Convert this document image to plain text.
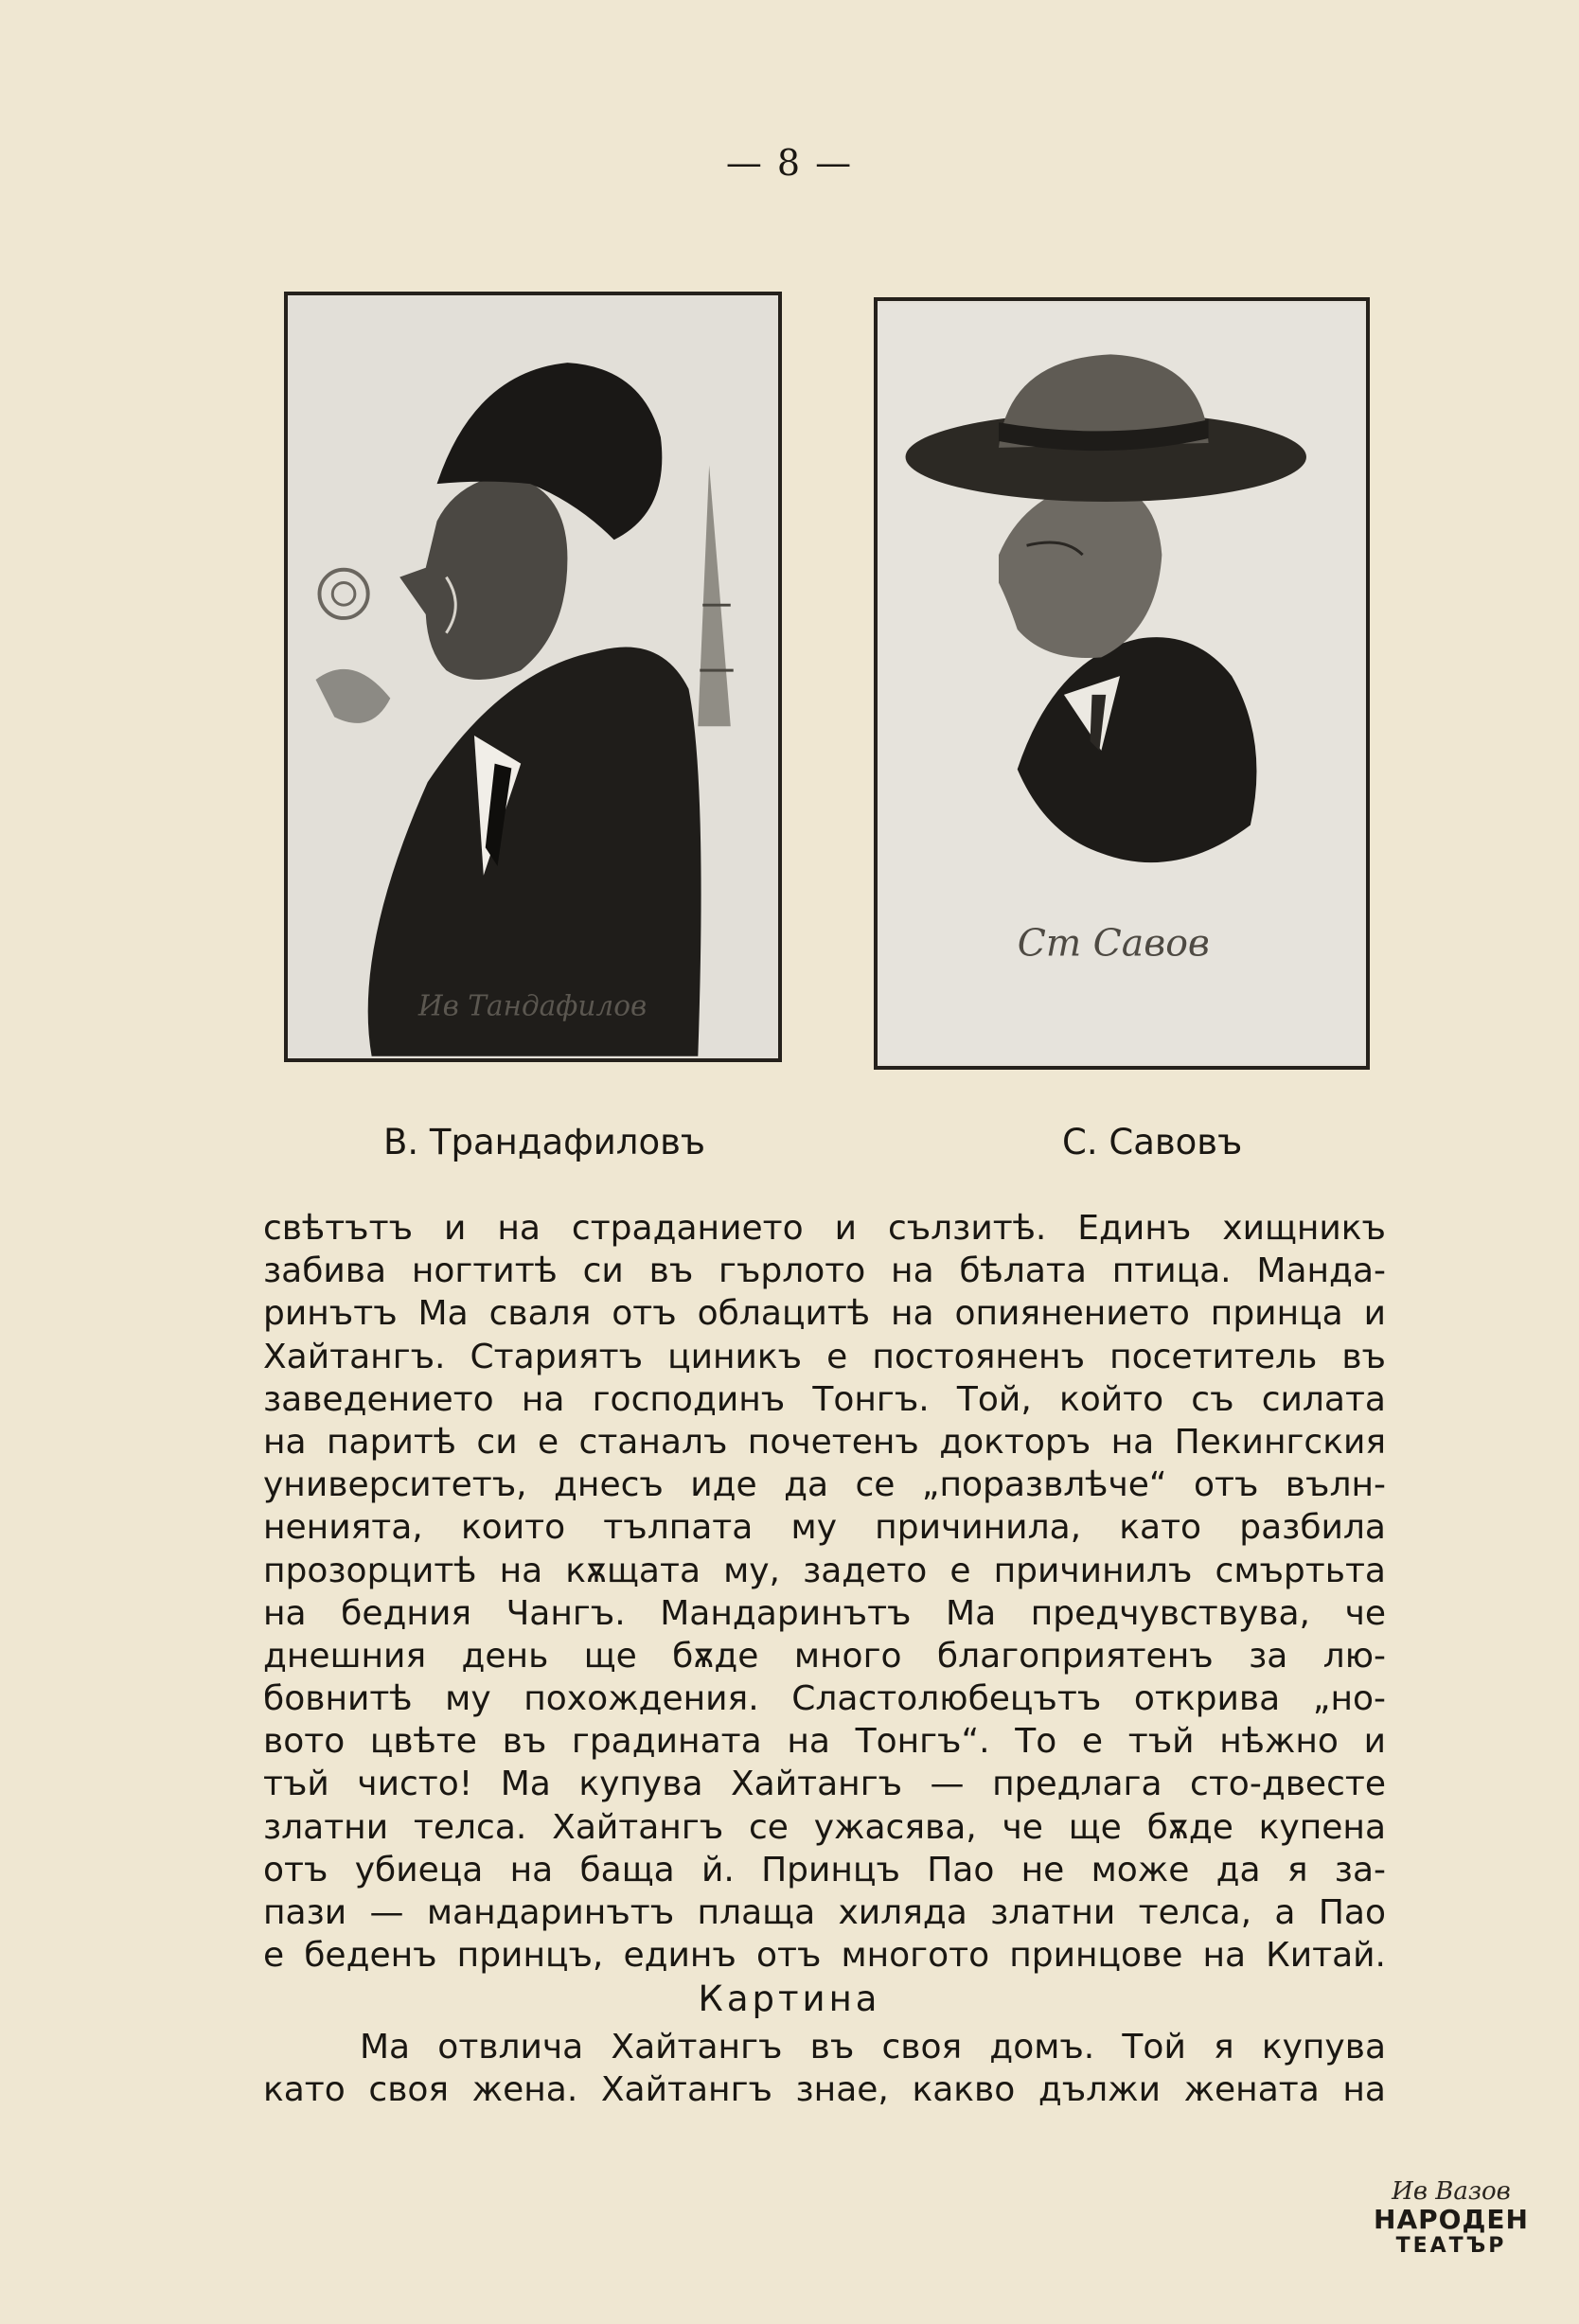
— 8 —
Ив Тандафилов
Ст Савов
В. Трандафиловъ	С. Савовъ
свѣтътъ и на страданието и сълзитѣ. Единъ хищникъ
забива ногтитѣ си въ гърлото на бѣлата птица. Манда-
ринътъ Ма сваля отъ облацитѣ на опиянението принца и
Хайтангъ. Стариятъ циникъ е постояненъ посетитель въ
заведението на господинъ Тонгъ. Той, който съ силата
на паритѣ си е станалъ почетенъ докторъ на Пекингския
университетъ, днесъ иде да се „поразвлѣче“ отъ вълн-
ненията, които тълпата му причинила, като разбила
прозорцитѣ на кѫщата му, задето е причинилъ смъртьта
на бедния Чангъ. Мандаринътъ Ма предчувствува, че
днешния день ще бѫде много благоприятенъ за лю-
бовнитѣ му похождения. Сластолюбецътъ открива „но-
вото цвѣте въ градината на Тонгъ“. То е тъй нѣжно и
тъй чисто! Ма купува Хайтангъ — предлага сто-двесте
златни телса. Хайтангъ се ужасява, че ще бѫде купена
отъ убиеца на баща й. Принцъ Пао не може да я за-
пази — мандаринътъ плаща хиляда златни телса, а Пао
е беденъ принцъ, единъ отъ многото принцове на Китай.
Картина
Ма отвлича Хайтангъ въ своя домъ. Той я купува
като своя жена. Хайтангъ знае, какво дължи жената на
Ив Вазов
НАРОДЕН
ТЕАТЪР
